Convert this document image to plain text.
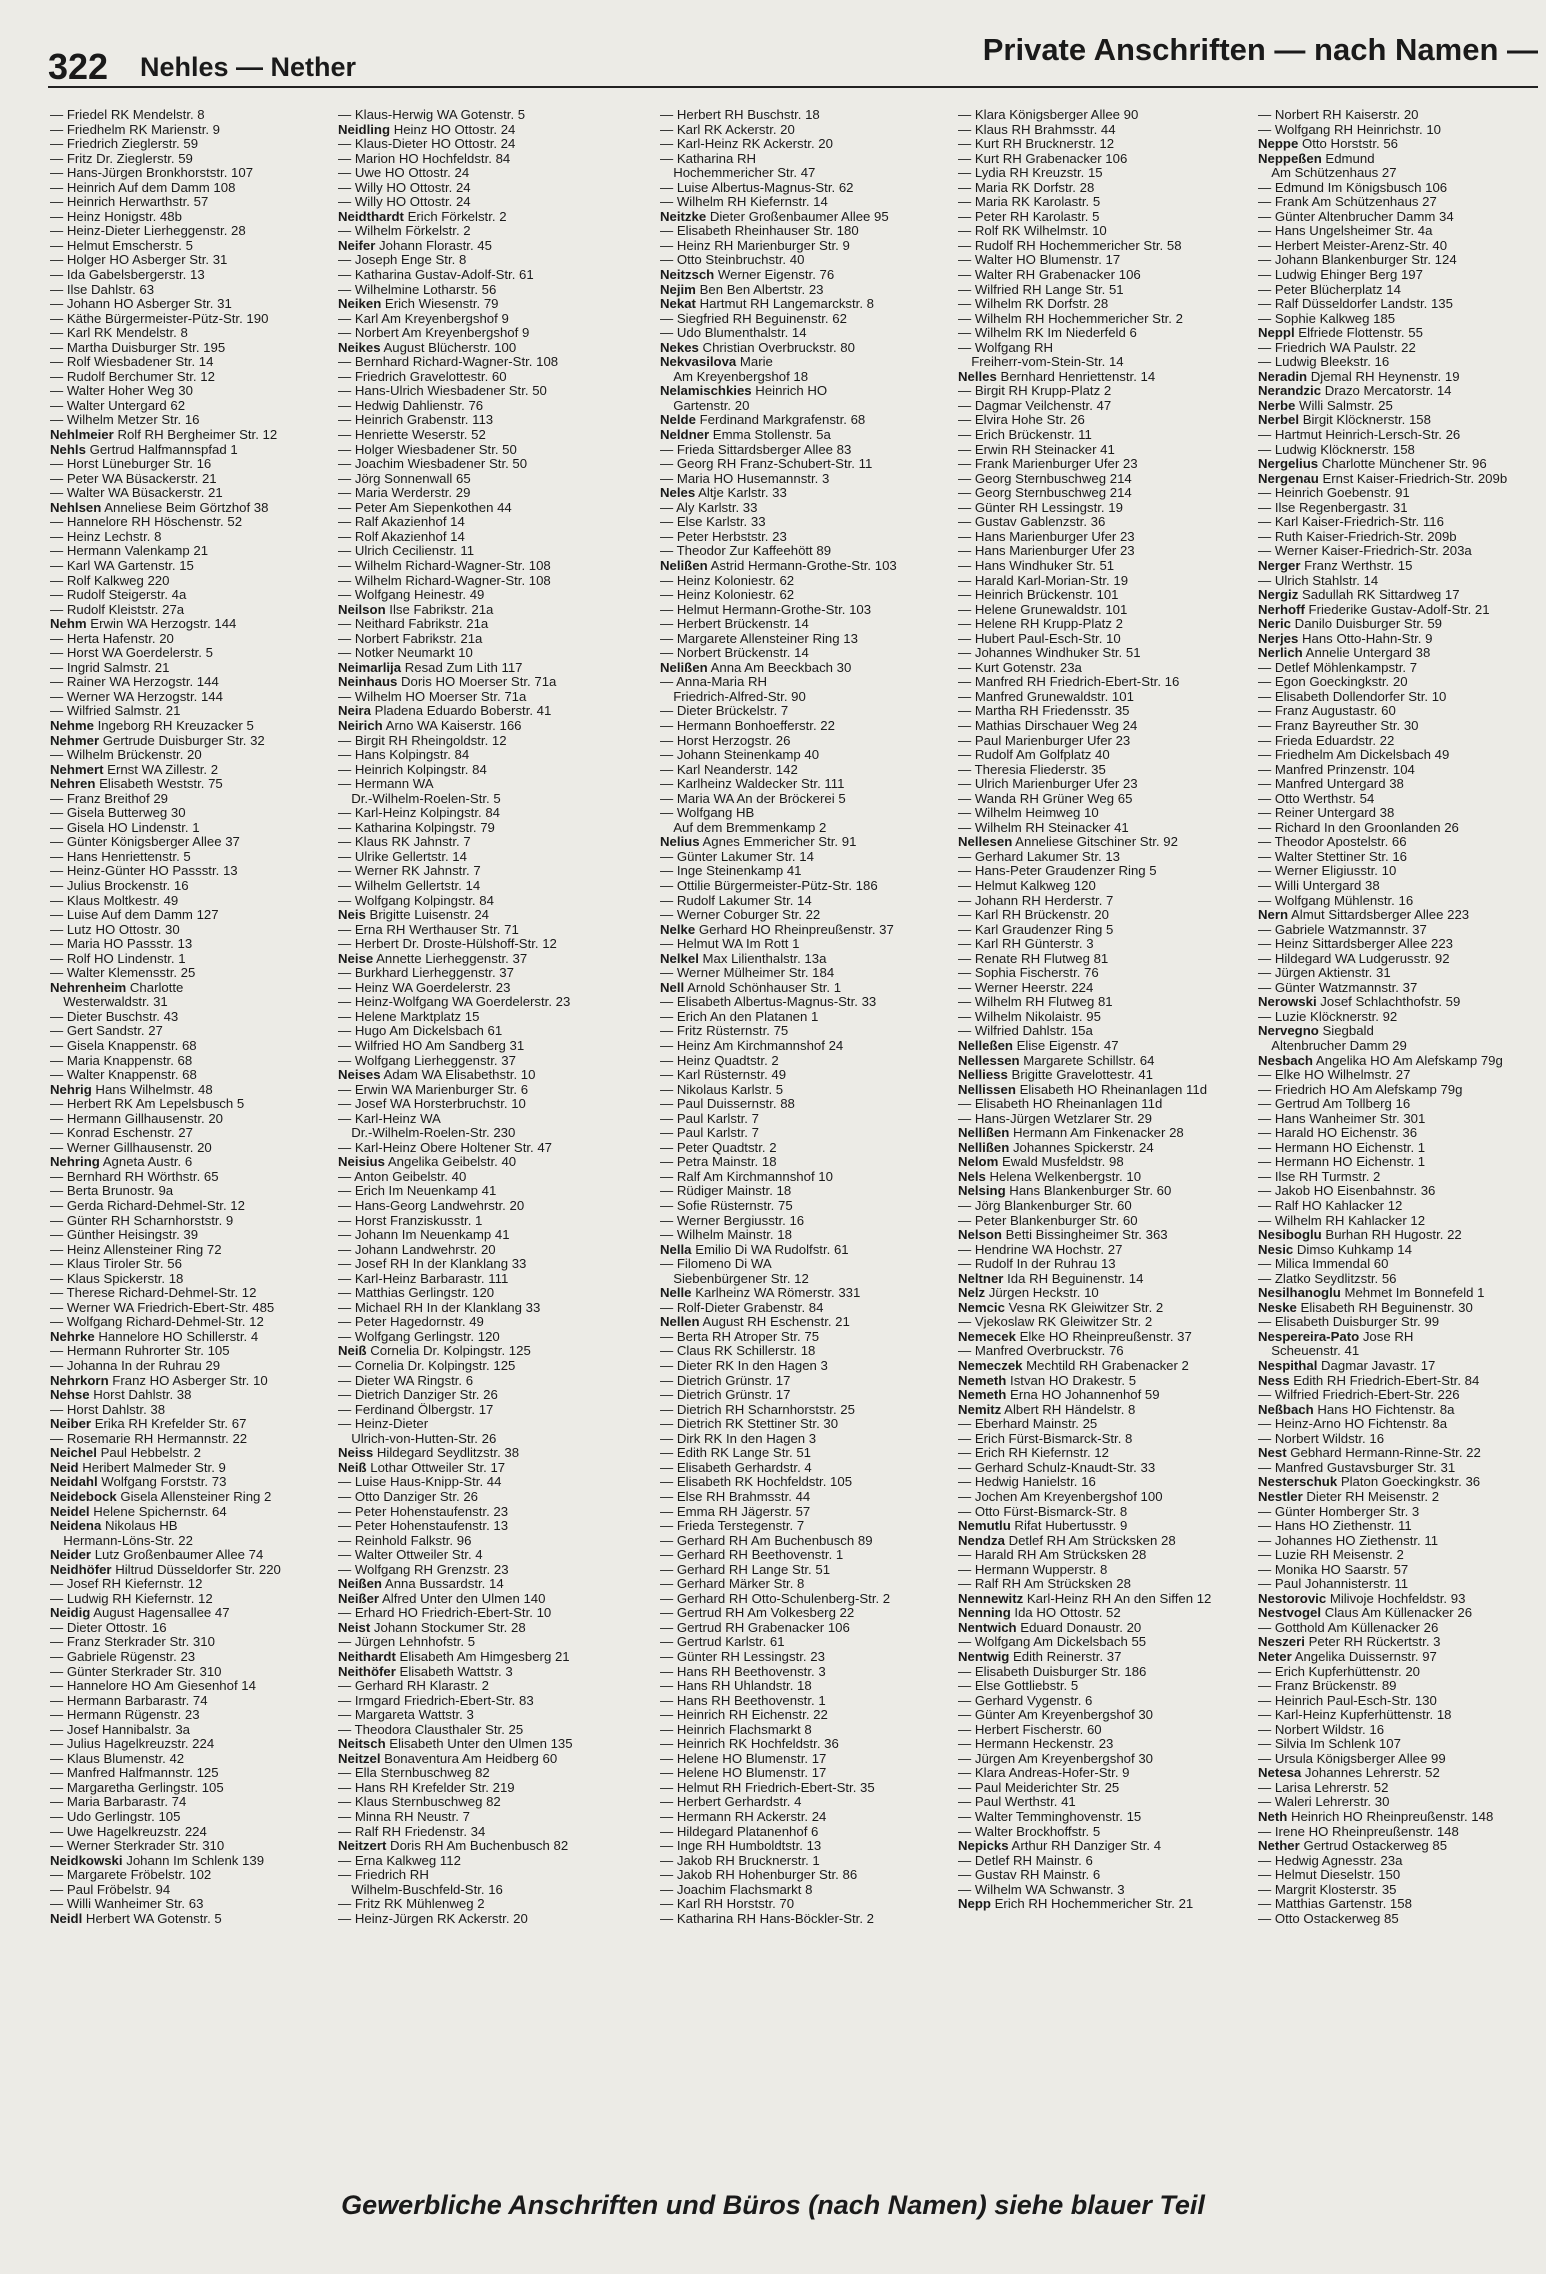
322 Nehles — Nether	Private Anschriften — nach Namen —
— Friedel RK Mendelstr. 8
— Friedhelm RK Marienstr. 9
— Friedrich Zieglerstr. 59
— Fritz Dr. Zieglerstr. 59
— Hans-Jürgen Bronkhorststr. 107
— Heinrich Auf dem Damm 108
— Heinrich Herwarthstr. 57
— Heinz Honigstr. 48b
— Heinz-Dieter Lierheggenstr. 28
— Helmut Emscherstr. 5
— Holger HO Asberger Str. 31
— Ida Gabelsbergerstr. 13
— Ilse Dahlstr. 63
— Johann HO Asberger Str. 31
— Käthe Bürgermeister-Pütz-Str. 190
— Karl RK Mendelstr. 8
— Martha Duisburger Str. 195
— Rolf Wiesbadener Str. 14
— Rudolf Berchumer Str. 12
— Walter Hoher Weg 30
— Walter Untergard 62
— Wilhelm Metzer Str. 16
Nehlmeier Rolf RH Bergheimer Str. 12
Nehls Gertrud Halfmannspfad 1
— Horst Lüneburger Str. 16
— Peter WA Büsackerstr. 21
— Walter WA Büsackerstr. 21
Nehlsen Anneliese Beim Görtzhof 38
— Hannelore RH Höschenstr. 52
— Heinz Lechstr. 8
— Hermann Valenkamp 21
— Karl WA Gartenstr. 15
— Rolf Kalkweg 220
— Rudolf Steigerstr. 4a
— Rudolf Kleiststr. 27a
Nehm Erwin WA Herzogstr. 144
— Herta Hafenstr. 20
— Horst WA Goerdelerstr. 5
— Ingrid Salmstr. 21
— Rainer WA Herzogstr. 144
— Werner WA Herzogstr. 144
— Wilfried Salmstr. 21
Nehme Ingeborg RH Kreuzacker 5
Nehmer Gertrude Duisburger Str. 32
— Wilhelm Brückenstr. 20
Nehmert Ernst WA Zillestr. 2
Nehren Elisabeth Weststr. 75
— Franz Breithof 29
— Gisela Butterweg 30
— Gisela HO Lindenstr. 1
— Günter Königsberger Allee 37
— Hans Henriettenstr. 5
— Heinz-Günter HO Passstr. 13
— Julius Brockenstr. 16
— Klaus Moltkestr. 49
— Luise Auf dem Damm 127
— Lutz HO Ottostr. 30
— Maria HO Passstr. 13
— Rolf HO Lindenstr. 1
— Walter Klemensstr. 25
Nehrenheim Charlotte
 Westerwaldstr. 31
— Dieter Buschstr. 43
— Gert Sandstr. 27
— Gisela Knappenstr. 68
— Maria Knappenstr. 68
— Walter Knappenstr. 68
Nehrig Hans Wilhelmstr. 48
— Herbert RK Am Lepelsbusch 5
— Hermann Gillhausenstr. 20
— Konrad Eschenstr. 27
— Werner Gillhausenstr. 20
Nehring Agneta Austr. 6
— Bernhard RH Wörthstr. 65
— Berta Brunostr. 9a
— Gerda Richard-Dehmel-Str. 12
— Günter RH Scharnhorststr. 9
— Günther Heisingstr. 39
— Heinz Allensteiner Ring 72
— Klaus Tiroler Str. 56
— Klaus Spickerstr. 18
— Therese Richard-Dehmel-Str. 12
— Werner WA Friedrich-Ebert-Str. 485
— Wolfgang Richard-Dehmel-Str. 12
Nehrke Hannelore HO Schillerstr. 4
— Hermann Ruhrorter Str. 105
— Johanna In der Ruhrau 29
Nehrkorn Franz HO Asberger Str. 10
Nehse Horst Dahlstr. 38
— Horst Dahlstr. 38
Neiber Erika RH Krefelder Str. 67
— Rosemarie RH Hermannstr. 22
Neichel Paul Hebbelstr. 2
Neid Heribert Malmeder Str. 9
Neidahl Wolfgang Forststr. 73
Neidebock Gisela Allensteiner Ring 2
Neidel Helene Spichernstr. 64
Neidena Nikolaus HB
 Hermann-Löns-Str. 22
Neider Lutz Großenbaumer Allee 74
Neidhöfer Hiltrud Düsseldorfer Str. 220
— Josef RH Kiefernstr. 12
— Ludwig RH Kiefernstr. 12
Neidig August Hagensallee 47
— Dieter Ottostr. 16
— Franz Sterkrader Str. 310
— Gabriele Rügenstr. 23
— Günter Sterkrader Str. 310
— Hannelore HO Am Giesenhof 14
— Hermann Barbarastr. 74
— Hermann Rügenstr. 23
— Josef Hannibalstr. 3a
— Julius Hagelkreuzstr. 224
— Klaus Blumenstr. 42
— Manfred Halfmannstr. 125
— Margaretha Gerlingstr. 105
— Maria Barbarastr. 74
— Udo Gerlingstr. 105
— Uwe Hagelkreuzstr. 224
— Werner Sterkrader Str. 310
Neidkowski Johann Im Schlenk 139
— Margarete Fröbelstr. 102
— Paul Fröbelstr. 94
— Willi Wanheimer Str. 63
Neidl Herbert WA Gotenstr. 5
— Klaus-Herwig WA Gotenstr. 5
Neidling Heinz HO Ottostr. 24
— Klaus-Dieter HO Ottostr. 24
— Marion HO Hochfeldstr. 84
— Uwe HO Ottostr. 24
— Willy HO Ottostr. 24
— Willy HO Ottostr. 24
Neidthardt Erich Förkelstr. 2
— Wilhelm Förkelstr. 2
Neifer Johann Florastr. 45
— Joseph Enge Str. 8
— Katharina Gustav-Adolf-Str. 61
— Wilhelmine Lotharstr. 56
Neiken Erich Wiesenstr. 79
— Karl Am Kreyenbergshof 9
— Norbert Am Kreyenbergshof 9
Neikes August Blücherstr. 100
— Bernhard Richard-Wagner-Str. 108
— Friedrich Gravelottestr. 60
— Hans-Ulrich Wiesbadener Str. 50
— Hedwig Dahlienstr. 76
— Heinrich Grabenstr. 113
— Henriette Weserstr. 52
— Holger Wiesbadener Str. 50
— Joachim Wiesbadener Str. 50
— Jörg Sonnenwall 65
— Maria Werderstr. 29
— Peter Am Siepenkothen 44
— Ralf Akazienhof 14
— Rolf Akazienhof 14
— Ulrich Cecilienstr. 11
— Wilhelm Richard-Wagner-Str. 108
— Wilhelm Richard-Wagner-Str. 108
— Wolfgang Heinestr. 49
Neilson Ilse Fabrikstr. 21a
— Neithard Fabrikstr. 21a
— Norbert Fabrikstr. 21a
— Notker Neumarkt 10
Neimarlija Resad Zum Lith 117
Neinhaus Doris HO Moerser Str. 71a
— Wilhelm HO Moerser Str. 71a
Neira Pladena Eduardo Boberstr. 41
Neirich Arno WA Kaiserstr. 166
— Birgit RH Rheingoldstr. 12
— Hans Kolpingstr. 84
— Heinrich Kolpingstr. 84
— Hermann WA
 Dr.-Wilhelm-Roelen-Str. 5
— Karl-Heinz Kolpingstr. 84
— Katharina Kolpingstr. 79
— Klaus RK Jahnstr. 7
— Ulrike Gellertstr. 14
— Werner RK Jahnstr. 7
— Wilhelm Gellertstr. 14
— Wolfgang Kolpingstr. 84
Neis Brigitte Luisenstr. 24
— Erna RH Werthauser Str. 71
— Herbert Dr. Droste-Hülshoff-Str. 12
Neise Annette Lierheggenstr. 37
— Burkhard Lierheggenstr. 37
— Heinz WA Goerdelerstr. 23
— Heinz-Wolfgang WA Goerdelerstr. 23
— Helene Marktplatz 15
— Hugo Am Dickelsbach 61
— Wilfried HO Am Sandberg 31
— Wolfgang Lierheggenstr. 37
Neises Adam WA Elisabethstr. 10
— Erwin WA Marienburger Str. 6
— Josef WA Horsterbruchstr. 10
— Karl-Heinz WA
 Dr.-Wilhelm-Roelen-Str. 230
— Karl-Heinz Obere Holtener Str. 47
Neisius Angelika Geibelstr. 40
— Anton Geibelstr. 40
— Erich Im Neuenkamp 41
— Hans-Georg Landwehrstr. 20
— Horst Franziskusstr. 1
— Johann Im Neuenkamp 41
— Johann Landwehrstr. 20
— Josef RH In der Klanklang 33
— Karl-Heinz Barbarastr. 111
— Matthias Gerlingstr. 120
— Michael RH In der Klanklang 33
— Peter Hagedornstr. 49
— Wolfgang Gerlingstr. 120
Neiß Cornelia Dr. Kolpingstr. 125
— Cornelia Dr. Kolpingstr. 125
— Dieter WA Ringstr. 6
— Dietrich Danziger Str. 26
— Ferdinand Ölbergstr. 17
— Heinz-Dieter
 Ulrich-von-Hutten-Str. 26
Neiss Hildegard Seydlitzstr. 38
Neiß Lothar Ottweiler Str. 17
— Luise Haus-Knipp-Str. 44
— Otto Danziger Str. 26
— Peter Hohenstaufenstr. 23
— Peter Hohenstaufenstr. 13
— Reinhold Falkstr. 96
— Walter Ottweiler Str. 4
— Wolfgang RH Grenzstr. 23
Neißen Anna Bussardstr. 14
Neißer Alfred Unter den Ulmen 140
— Erhard HO Friedrich-Ebert-Str. 10
Neist Johann Stockumer Str. 28
— Jürgen Lehnhofstr. 5
Neithardt Elisabeth Am Himgesberg 21
Neithöfer Elisabeth Wattstr. 3
— Gerhard RH Klarastr. 2
— Irmgard Friedrich-Ebert-Str. 83
— Margareta Wattstr. 3
— Theodora Clausthaler Str. 25
Neitsch Elisabeth Unter den Ulmen 135
Neitzel Bonaventura Am Heidberg 60
— Ella Sternbuschweg 82
— Hans RH Krefelder Str. 219
— Klaus Sternbuschweg 82
— Minna RH Neustr. 7
— Ralf RH Friedenstr. 34
Neitzert Doris RH Am Buchenbusch 82
— Erna Kalkweg 112
— Friedrich RH
 Wilhelm-Buschfeld-Str. 16
— Fritz RK Mühlenweg 2
— Heinz-Jürgen RK Ackerstr. 20
— Herbert RH Buschstr. 18
— Karl RK Ackerstr. 20
— Karl-Heinz RK Ackerstr. 20
— Katharina RH
 Hochemmericher Str. 47
— Luise Albertus-Magnus-Str. 62
— Wilhelm RH Kiefernstr. 14
Neitzke Dieter Großenbaumer Allee 95
— Elisabeth Rheinhauser Str. 180
— Heinz RH Marienburger Str. 9
— Otto Steinbruchstr. 40
Neitzsch Werner Eigenstr. 76
Nejim Ben Ben Albertstr. 23
Nekat Hartmut RH Langemarckstr. 8
— Siegfried RH Beguinenstr. 62
— Udo Blumenthalstr. 14
Nekes Christian Overbruckstr. 80
Nekvasilova Marie
 Am Kreyenbergshof 18
Nelamischkies Heinrich HO
 Gartenstr. 20
Nelde Ferdinand Markgrafenstr. 68
Neldner Emma Stollenstr. 5a
— Frieda Sittardsberger Allee 83
— Georg RH Franz-Schubert-Str. 11
— Maria HO Husemannstr. 3
Neles Altje Karlstr. 33
— Aly Karlstr. 33
— Else Karlstr. 33
— Peter Herbststr. 23
— Theodor Zur Kaffeehött 89
Nelißen Astrid Hermann-Grothe-Str. 103
— Heinz Koloniestr. 62
— Heinz Koloniestr. 62
— Helmut Hermann-Grothe-Str. 103
— Herbert Brückenstr. 14
— Margarete Allensteiner Ring 13
— Norbert Brückenstr. 14
Nelißen Anna Am Beeckbach 30
— Anna-Maria RH
 Friedrich-Alfred-Str. 90
— Dieter Brückelstr. 7
— Hermann Bonhoefferstr. 22
— Horst Herzogstr. 26
— Johann Steinenkamp 40
— Karl Neanderstr. 142
— Karlheinz Waldecker Str. 111
— Maria WA An der Bröckerei 5
— Wolfgang HB
 Auf dem Bremmenkamp 2
Nelius Agnes Emmericher Str. 91
— Günter Lakumer Str. 14
— Inge Steinenkamp 41
— Ottilie Bürgermeister-Pütz-Str. 186
— Rudolf Lakumer Str. 14
— Werner Coburger Str. 22
Nelke Gerhard HO Rheinpreußenstr. 37
— Helmut WA Im Rott 1
Nelkel Max Lilienthalstr. 13a
— Werner Mülheimer Str. 184
Nell Arnold Schönhauser Str. 1
— Elisabeth Albertus-Magnus-Str. 33
— Erich An den Platanen 1
— Fritz Rüsternstr. 75
— Heinz Am Kirchmannshof 24
— Heinz Quadtstr. 2
— Karl Rüsternstr. 49
— Nikolaus Karlstr. 5
— Paul Duissernstr. 88
— Paul Karlstr. 7
— Paul Karlstr. 7
— Peter Quadtstr. 2
— Petra Mainstr. 18
— Ralf Am Kirchmannshof 10
— Rüdiger Mainstr. 18
— Sofie Rüsternstr. 75
— Werner Bergiusstr. 16
— Wilhelm Mainstr. 18
Nella Emilio Di WA Rudolfstr. 61
— Filomeno Di WA
 Siebenbürgener Str. 12
Nelle Karlheinz WA Römerstr. 331
— Rolf-Dieter Grabenstr. 84
Nellen August RH Eschenstr. 21
— Berta RH Atroper Str. 75
— Claus RK Schillerstr. 18
— Dieter RK In den Hagen 3
— Dietrich Grünstr. 17
— Dietrich Grünstr. 17
— Dietrich RH Scharnhorststr. 25
— Dietrich RK Stettiner Str. 30
— Dirk RK In den Hagen 3
— Edith RK Lange Str. 51
— Elisabeth Gerhardstr. 4
— Elisabeth RK Hochfeldstr. 105
— Else RH Brahmsstr. 44
— Emma RH Jägerstr. 57
— Frieda Terstegenstr. 7
— Gerhard RH Am Buchenbusch 89
— Gerhard RH Beethovenstr. 1
— Gerhard RH Lange Str. 51
— Gerhard Märker Str. 8
— Gerhard RH Otto-Schulenberg-Str. 2
— Gertrud RH Am Volkesberg 22
— Gertrud RH Grabenacker 106
— Gertrud Karlstr. 61
— Günter RH Lessingstr. 23
— Hans RH Beethovenstr. 3
— Hans RH Uhlandstr. 18
— Hans RH Beethovenstr. 1
— Heinrich RH Eichenstr. 22
— Heinrich Flachsmarkt 8
— Heinrich RK Hochfeldstr. 36
— Helene HO Blumenstr. 17
— Helene HO Blumenstr. 17
— Helmut RH Friedrich-Ebert-Str. 35
— Herbert Gerhardstr. 4
— Hermann RH Ackerstr. 24
— Hildegard Platanenhof 6
— Inge RH Humboldtstr. 13
— Jakob RH Brucknerstr. 1
— Jakob RH Hohenburger Str. 86
— Joachim Flachsmarkt 8
— Karl RH Horststr. 70
— Katharina RH Hans-Böckler-Str. 2
— Klara Königsberger Allee 90
— Klaus RH Brahmsstr. 44
— Kurt RH Brucknerstr. 12
— Kurt RH Grabenacker 106
— Lydia RH Kreuzstr. 15
— Maria RK Dorfstr. 28
— Maria RK Karolastr. 5
— Peter RH Karolastr. 5
— Rolf RK Wilhelmstr. 10
— Rudolf RH Hochemmericher Str. 58
— Walter HO Blumenstr. 17
— Walter RH Grabenacker 106
— Wilfried RH Lange Str. 51
— Wilhelm RK Dorfstr. 28
— Wilhelm RH Hochemmericher Str. 2
— Wilhelm RK Im Niederfeld 6
— Wolfgang RH
 Freiherr-vom-Stein-Str. 14
Nelles Bernhard Henriettenstr. 14
— Birgit RH Krupp-Platz 2
— Dagmar Veilchenstr. 47
— Elvira Hohe Str. 26
— Erich Brückenstr. 11
— Erwin RH Steinacker 41
— Frank Marienburger Ufer 23
— Georg Sternbuschweg 214
— Georg Sternbuschweg 214
— Günter RH Lessingstr. 19
— Gustav Gablenzstr. 36
— Hans Marienburger Ufer 23
— Hans Marienburger Ufer 23
— Hans Windhuker Str. 51
— Harald Karl-Morian-Str. 19
— Heinrich Brückenstr. 101
— Helene Grunewaldstr. 101
— Helene RH Krupp-Platz 2
— Hubert Paul-Esch-Str. 10
— Johannes Windhuker Str. 51
— Kurt Gotenstr. 23a
— Manfred RH Friedrich-Ebert-Str. 16
— Manfred Grunewaldstr. 101
— Martha RH Friedensstr. 35
— Mathias Dirschauer Weg 24
— Paul Marienburger Ufer 23
— Rudolf Am Golfplatz 40
— Theresia Fliederstr. 35
— Ulrich Marienburger Ufer 23
— Wanda RH Grüner Weg 65
— Wilhelm Heimweg 10
— Wilhelm RH Steinacker 41
Nellesen Anneliese Gitschiner Str. 92
— Gerhard Lakumer Str. 13
— Hans-Peter Graudenzer Ring 5
— Helmut Kalkweg 120
— Johann RH Herderstr. 7
— Karl RH Brückenstr. 20
— Karl Graudenzer Ring 5
— Karl RH Günterstr. 3
— Renate RH Flutweg 81
— Sophia Fischerstr. 76
— Werner Heerstr. 224
— Wilhelm RH Flutweg 81
— Wilhelm Nikolaistr. 95
— Wilfried Dahlstr. 15a
Nelleßen Elise Eigenstr. 47
Nellessen Margarete Schillstr. 64
Nelliess Brigitte Gravelottestr. 41
Nellissen Elisabeth HO Rheinanlagen 11d
— Elisabeth HO Rheinanlagen 11d
— Hans-Jürgen Wetzlarer Str. 29
Nellißen Hermann Am Finkenacker 28
Nellißen Johannes Spickerstr. 24
Nelom Ewald Musfeldstr. 98
Nels Helena Welkenbergstr. 10
Nelsing Hans Blankenburger Str. 60
— Jörg Blankenburger Str. 60
— Peter Blankenburger Str. 60
Nelson Betti Bissingheimer Str. 363
— Hendrine WA Hochstr. 27
— Rudolf In der Ruhrau 13
Neltner Ida RH Beguinenstr. 14
Nelz Jürgen Heckstr. 10
Nemcic Vesna RK Gleiwitzer Str. 2
— Vjekoslaw RK Gleiwitzer Str. 2
Nemecek Elke HO Rheinpreußenstr. 37
— Manfred Overbruckstr. 76
Nemeczek Mechtild RH Grabenacker 2
Nemeth Istvan HO Drakestr. 5
Nemeth Erna HO Johannenhof 59
Nemitz Albert RH Händelstr. 8
— Eberhard Mainstr. 25
— Erich Fürst-Bismarck-Str. 8
— Erich RH Kiefernstr. 12
— Gerhard Schulz-Knaudt-Str. 33
— Hedwig Hanielstr. 16
— Jochen Am Kreyenbergshof 100
— Otto Fürst-Bismarck-Str. 8
Nemutlu Rifat Hubertusstr. 9
Nendza Detlef RH Am Strücksken 28
— Harald RH Am Strücksken 28
— Hermann Wupperstr. 8
— Ralf RH Am Strücksken 28
Nennewitz Karl-Heinz RH An den Siffen 12
Nenning Ida HO Ottostr. 52
Nentwich Eduard Donaustr. 20
— Wolfgang Am Dickelsbach 55
Nentwig Edith Reinerstr. 37
— Elisabeth Duisburger Str. 186
— Else Gottliebstr. 5
— Gerhard Vygenstr. 6
— Günter Am Kreyenbergshof 30
— Herbert Fischerstr. 60
— Hermann Heckenstr. 23
— Jürgen Am Kreyenbergshof 30
— Klara Andreas-Hofer-Str. 9
— Paul Meiderichter Str. 25
— Paul Werthstr. 41
— Walter Temminghovenstr. 15
— Walter Brockhoffstr. 5
Nepicks Arthur RH Danziger Str. 4
— Detlef RH Mainstr. 6
— Gustav RH Mainstr. 6
— Wilhelm WA Schwanstr. 3
Nepp Erich RH Hochemmericher Str. 21
— Norbert RH Kaiserstr. 20
— Wolfgang RH Heinrichstr. 10
Neppe Otto Horststr. 56
Neppeßen Edmund
 Am Schützenhaus 27
— Edmund Im Königsbusch 106
— Frank Am Schützenhaus 27
— Günter Altenbrucher Damm 34
— Hans Ungelsheimer Str. 4a
— Herbert Meister-Arenz-Str. 40
— Johann Blankenburger Str. 124
— Ludwig Ehinger Berg 197
— Peter Blücherplatz 14
— Ralf Düsseldorfer Landstr. 135
— Sophie Kalkweg 185
Neppl Elfriede Flottenstr. 55
— Friedrich WA Paulstr. 22
— Ludwig Bleekstr. 16
Neradin Djemal RH Heynenstr. 19
Nerandzic Drazo Mercatorstr. 14
Nerbe Willi Salmstr. 25
Nerbel Birgit Klöcknerstr. 158
— Hartmut Heinrich-Lersch-Str. 26
— Ludwig Klöcknerstr. 158
Nergelius Charlotte Münchener Str. 96
Nergenau Ernst Kaiser-Friedrich-Str. 209b
— Heinrich Goebenstr. 91
— Ilse Regenbergastr. 31
— Karl Kaiser-Friedrich-Str. 116
— Ruth Kaiser-Friedrich-Str. 209b
— Werner Kaiser-Friedrich-Str. 203a
Nerger Franz Werthstr. 15
— Ulrich Stahlstr. 14
Nergiz Sadullah RK Sittardweg 17
Nerhoff Friederike Gustav-Adolf-Str. 21
Neric Danilo Duisburger Str. 59
Nerjes Hans Otto-Hahn-Str. 9
Nerlich Annelie Untergard 38
— Detlef Möhlenkampstr. 7
— Egon Goeckingkstr. 20
— Elisabeth Dollendorfer Str. 10
— Franz Augustastr. 60
— Franz Bayreuther Str. 30
— Frieda Eduardstr. 22
— Friedhelm Am Dickelsbach 49
— Manfred Prinzenstr. 104
— Manfred Untergard 38
— Otto Werthstr. 54
— Reiner Untergard 38
— Richard In den Groonlanden 26
— Theodor Apostelstr. 66
— Walter Stettiner Str. 16
— Werner Eligiusstr. 10
— Willi Untergard 38
— Wolfgang Mühlenstr. 16
Nern Almut Sittardsberger Allee 223
— Gabriele Watzmannstr. 37
— Heinz Sittardsberger Allee 223
— Hildegard WA Ludgerusstr. 92
— Jürgen Aktienstr. 31
— Günter Watzmannstr. 37
Nerowski Josef Schlachthofstr. 59
— Luzie Klöcknerstr. 92
Nervegno Siegbald
 Altenbrucher Damm 29
Nesbach Angelika HO Am Alefskamp 79g
— Elke HO Wilhelmstr. 27
— Friedrich HO Am Alefskamp 79g
— Gertrud Am Tollberg 16
— Hans Wanheimer Str. 301
— Harald HO Eichenstr. 36
— Hermann HO Eichenstr. 1
— Hermann HO Eichenstr. 1
— Ilse RH Turmstr. 2
— Jakob HO Eisenbahnstr. 36
— Ralf HO Kahlacker 12
— Wilhelm RH Kahlacker 12
Nesiboglu Burhan RH Hugostr. 22
Nesic Dimso Kuhkamp 14
— Milica Immendal 60
— Zlatko Seydlitzstr. 56
Nesilhanoglu Mehmet Im Bonnefeld 1
Neske Elisabeth RH Beguinenstr. 30
— Elisabeth Duisburger Str. 99
Nespereira-Pato Jose RH
 Scheuenstr. 41
Nespithal Dagmar Javastr. 17
Ness Edith RH Friedrich-Ebert-Str. 84
— Wilfried Friedrich-Ebert-Str. 226
Neßbach Hans HO Fichtenstr. 8a
— Heinz-Arno HO Fichtenstr. 8a
— Norbert Wildstr. 16
Nest Gebhard Hermann-Rinne-Str. 22
— Manfred Gustavsburger Str. 31
Nesterschuk Platon Goeckingkstr. 36
Nestler Dieter RH Meisenstr. 2
— Günter Homberger Str. 3
— Hans HO Ziethenstr. 11
— Johannes HO Ziethenstr. 11
— Luzie RH Meisenstr. 2
— Monika HO Saarstr. 57
— Paul Johannisterstr. 11
Nestorovic Milivoje Hochfeldstr. 93
Nestvogel Claus Am Küllenacker 26
— Gotthold Am Küllenacker 26
Neszeri Peter RH Rückertstr. 3
Neter Angelika Duissernstr. 97
— Erich Kupferhüttenstr. 20
— Franz Brückenstr. 89
— Heinrich Paul-Esch-Str. 130
— Karl-Heinz Kupferhüttenstr. 18
— Norbert Wildstr. 16
— Silvia Im Schlenk 107
— Ursula Königsberger Allee 99
Netesa Johannes Lehrerstr. 52
— Larisa Lehrerstr. 52
— Waleri Lehrerstr. 30
Neth Heinrich HO Rheinpreußenstr. 148
— Irene HO Rheinpreußenstr. 148
Nether Gertrud Ostackerweg 85
— Hedwig Agnesstr. 23a
— Helmut Dieselstr. 150
— Margrit Klosterstr. 35
— Matthias Gartenstr. 158
— Otto Ostackerweg 85
Gewerbliche Anschriften und Büros (nach Namen) siehe blauer Teil
